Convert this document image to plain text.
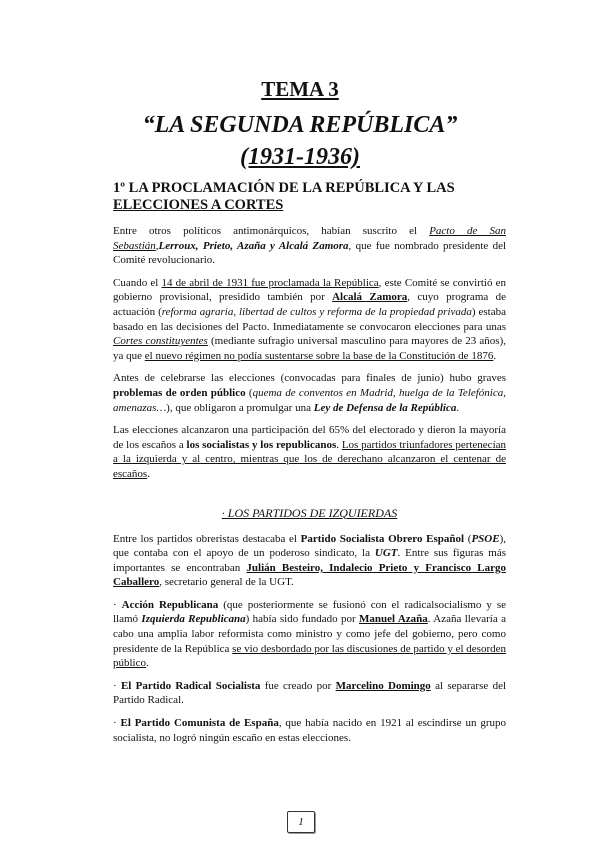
TEMA 3
“LA SEGUNDA REPÚBLICA”
(1931-1936)
1º LA PROCLAMACIÓN DE LA REPÚBLICA Y LAS
ELECCIONES A CORTES

Entre otros políticos antimonárquicos, habían suscrito el Pacto de San Sebastián,Lerroux, Prieto, Azaña y Alcalá Zamora, que fue nombrado presidente del Comité revolucionario.

Cuando el 14 de abril de 1931 fue proclamada la República, este Comité se convirtió en gobierno provisional, presidido también por Alcalá Zamora, cuyo programa de actuación (reforma agraria, libertad de cultos y reforma de la propiedad privada) estaba basado en las decisiones del Pacto. Inmediatamente se convocaron elecciones para unas Cortes constituyentes (mediante sufragio universal masculino para mayores de 23 años), ya que el nuevo régimen no podía sustentarse sobre la base de la Constitución de 1876.

Antes de celebrarse las elecciones (convocadas para finales de junio) hubo graves problemas de orden público (quema de conventos en Madrid, huelga de la Telefónica, amenazas…), que obligaron a promulgar una Ley de Defensa de la República.

Las elecciones alcanzaron una participación del 65% del electorado y dieron la mayoría de los escaños a los socialistas y los republicanos. Los partidos triunfadores pertenecían a la izquierda y al centro, mientras que los de derechano alcanzaron el centenar de escaños.

· LOS PARTIDOS DE IZQUIERDAS

Entre los partidos obreristas destacaba el Partido Socialista Obrero Español (PSOE), que contaba con el apoyo de un poderoso sindicato, la UGT. Entre sus figuras más importantes se encontraban Julián Besteiro, Indalecio Prieto y Francisco Largo Caballero, secretario general de la UGT.

· Acción Republicana (que posteriormente se fusionó con el radicalsocialismo y se llamó Izquierda Republicana) había sido fundado por Manuel Azaña. Azaña llevaría a cabo una amplia labor reformista como ministro y como jefe del gobierno, pero como presidente de la República se vio desbordado por las discusiones de partido y el desorden público.

· El Partido Radical Socialista fue creado por Marcelino Domingo al separarse del Partido Radical.

· El Partido Comunista de España, que había nacido en 1921 al escindirse un grupo socialista, no logró ningún escaño en estas elecciones.

1
